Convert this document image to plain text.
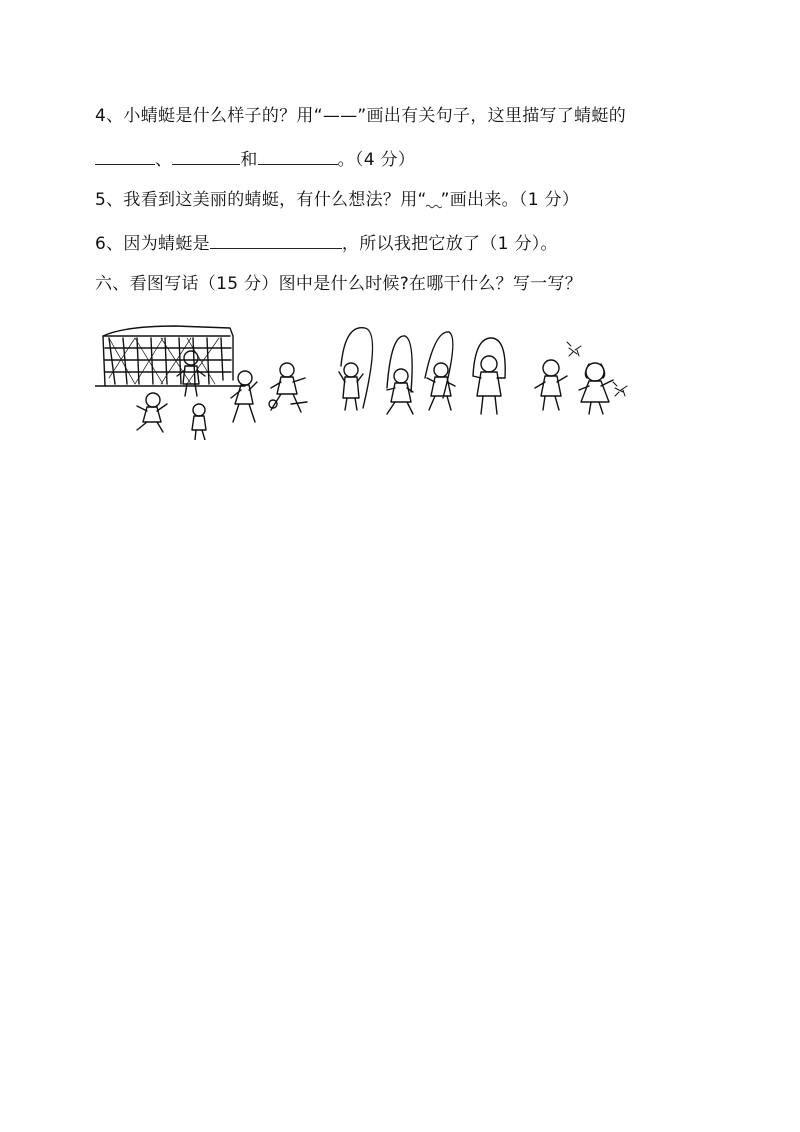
4、小蜻蜓是什么样子的？用“——”画出有关句子，这里描写了蜻蜓的
、	和	。（4 分）
5、我看到这美丽的蜻蜓，有什么想法？用“ ”画出来。（1 分）
6、因为蜻蜓是	，所以我把它放了（1 分）。
六、看图写话（15 分）图中是什么时候?在哪干什么？写一写？
